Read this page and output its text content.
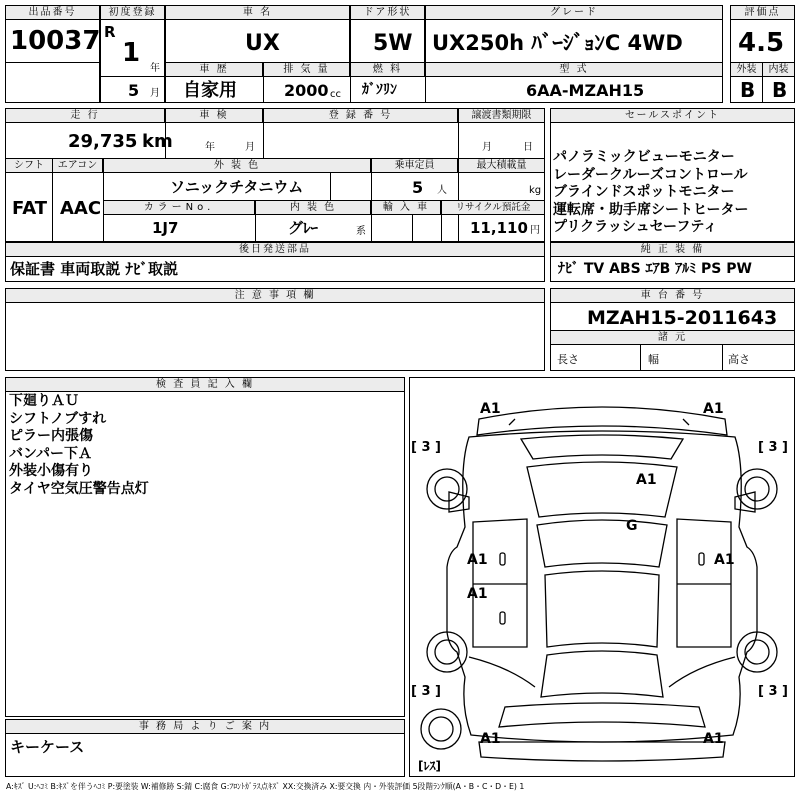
出品番号
10037
初度登録
R
1
年
5 月
車 名
UX
ドア形状
5W
グレード
UX250h ﾊﾞｰｼﾞｮﾝC 4WD
評価点
4.5
外装	内装
B B
車 歴
自家用
排 気 量
2000 cc
燃 料
ｶﾞｿﾘﾝ
型 式
6AA-MZAH15
走 行
29,735 km
車 検
年	月
登 録 番 号	譲渡書類期限
月	日
シフト	エアコン
FAT AAC
外 装 色
ソニックチタニウム
乗車定員
5 人
最大積載量
kg
カラーNo.
1J7
内 装 色
グﾚｰ	系
輸 入 車	リサイクル預託金
11,110 円
後日発送部品
保証書 車両取説 ﾅﾋﾞ取説
セールスポイント
パノラミックビューモニター
レーダークルーズコントロール
ブラインドスポットモニター
運転席・助手席シートヒーター
プリクラッシュセーフティ
純 正 装 備
ﾅﾋﾞ TV ABS ｴｱB ｱﾙﾐ PS PW
注 意 事 項 欄	車 台 番 号
MZAH15-2011643
諸 元
長さ	幅	高さ
検 査 員 記 入 欄
下廻りＡＵ
シフトノブすれ
ピラー内張傷
バンパー下Ａ
外装小傷有り
タイヤ空気圧警告点灯
事 務 局 よ り ご 案 内
キーケース
A1	A1
A1
G
A1	A1
A1
A1	A1
[ 3 ]	[ 3 ]
[ 3 ]	[ 3 ]
[ﾚｽ]
A:ｷｽﾞ U:ﾍｺﾐ B:ｷｽﾞを伴うﾍｺﾐ P:要塗装 W:補修跡 S:錆 C:腐食 G:ﾌﾛﾝﾄｶﾞﾗｽ点ｷｽﾞ XX:交換済み X:要交換 内・外装評価 5段階ﾗﾝｸ順(A・B・C・D・E) 1
